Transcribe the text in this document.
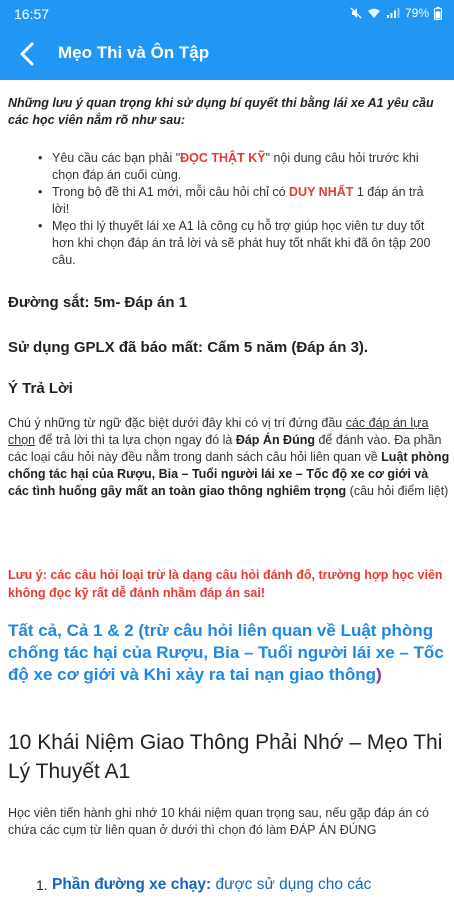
16:57	79%
Mẹo Thi và Ôn Tập
Những lưu ý quan trọng khi sử dụng bí quyết thi bằng lái xe A1 yêu cầu các học viên nắm rõ như sau:
• Yêu cầu các bạn phải "ĐỌC THẬT KỸ" nội dung câu hỏi trước khi chọn đáp án cuối cùng.
• Trong bộ đề thi A1 mới, mỗi câu hỏi chỉ có DUY NHẤT 1 đáp án trả lời!
• Mẹo thi lý thuyết lái xe A1 là công cụ hỗ trợ giúp học viên tư duy tốt hơn khi chọn đáp án trả lời và sẽ phát huy tốt nhất khi đã ôn tập 200 câu.
Đường sắt: 5m- Đáp án 1
Sử dụng GPLX đã báo mất: Cấm 5 năm (Đáp án 3).
Ý Trả Lời
Chú ý những từ ngữ đặc biệt dưới đây khi có vị trí đứng đầu các đáp án lựa chọn để trả lời thì ta lựa chọn ngay đó là Đáp Án Đúng để đánh vào. Đa phần các loại câu hỏi này đều nằm trong danh sách câu hỏi liên quan về Luật phòng chống tác hại của Rượu, Bia – Tuổi người lái xe – Tốc độ xe cơ giới và các tình huống gây mất an toàn giao thông nghiêm trọng (câu hỏi điểm liệt)
Lưu ý: các câu hỏi loại trừ là dạng câu hỏi đánh đố, trường hợp học viên không đọc kỹ rất dễ đánh nhầm đáp án sai!
Tất cả, Cả 1 & 2 (trừ câu hỏi liên quan về Luật phòng chống tác hại của Rượu, Bia – Tuổi người lái xe – Tốc độ xe cơ giới và Khi xảy ra tai nạn giao thông)
10 Khái Niệm Giao Thông Phải Nhớ – Mẹo Thi Lý Thuyết A1
Học viên tiến hành ghi nhớ 10 khái niệm quan trọng sau, nếu gặp đáp án có chứa các cụm từ liên quan ở dưới thì chọn đó làm ĐÁP ÁN ĐÚNG
1. Phần đường xe chạy: được sử dụng cho các
